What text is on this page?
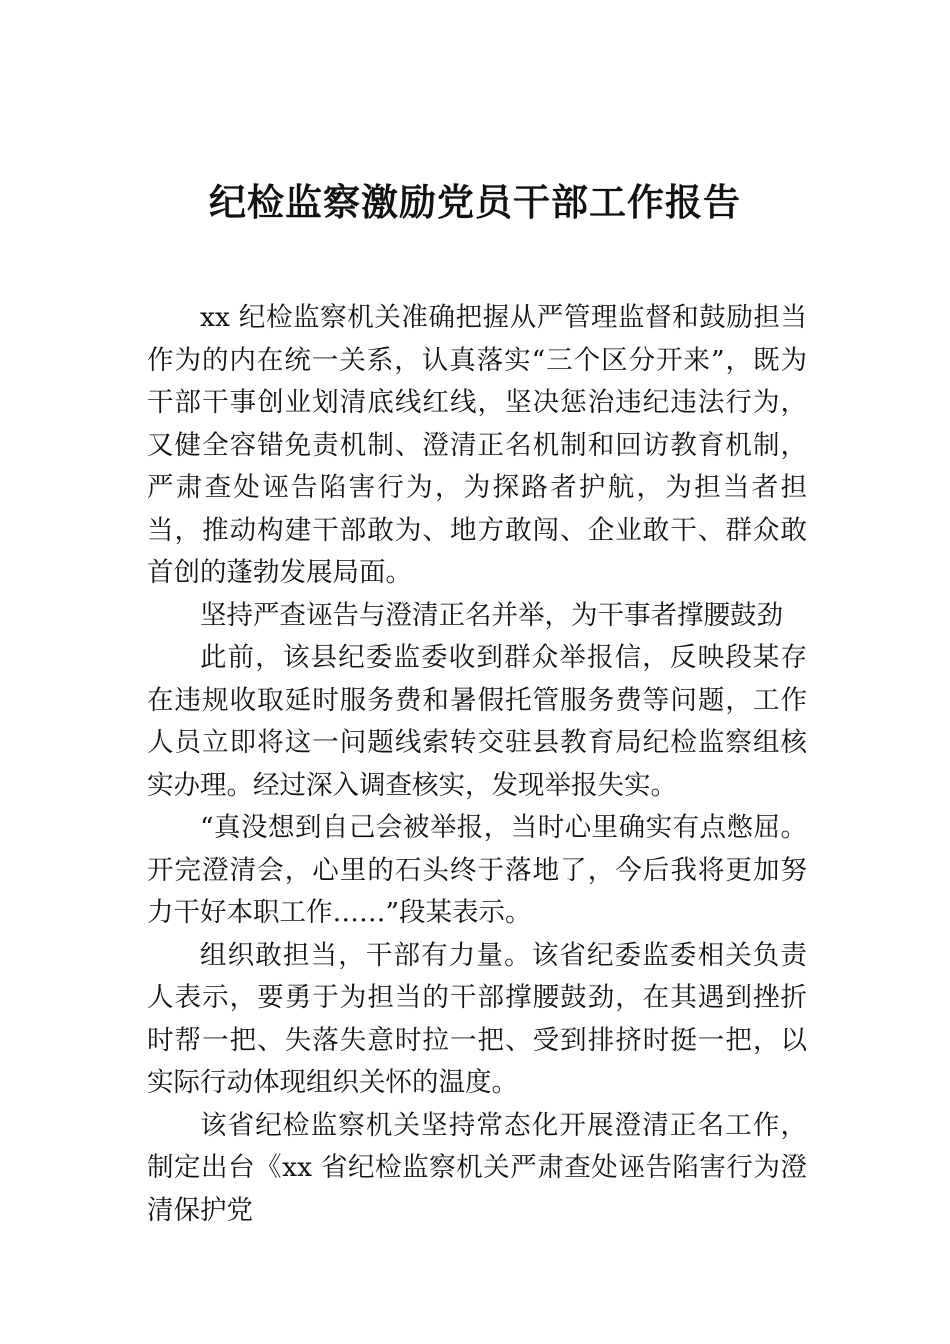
纪检监察激励党员干部工作报告

xx 纪检监察机关准确把握从严管理监督和鼓励担当作为的内在统一关系，认真落实“三个区分开来”，既为干部干事创业划清底线红线，坚决惩治违纪违法行为，又健全容错免责机制、澄清正名机制和回访教育机制，严肃查处诬告陷害行为，为探路者护航，为担当者担当，推动构建干部敢为、地方敢闯、企业敢干、群众敢首创的蓬勃发展局面。

坚持严查诬告与澄清正名并举，为干事者撑腰鼓劲

此前，该县纪委监委收到群众举报信，反映段某存在违规收取延时服务费和暑假托管服务费等问题，工作人员立即将这一问题线索转交驻县教育局纪检监察组核实办理。经过深入调查核实，发现举报失实。

“真没想到自己会被举报，当时心里确实有点憋屈。开完澄清会，心里的石头终于落地了，今后我将更加努力干好本职工作……”段某表示。

组织敢担当，干部有力量。该省纪委监委相关负责人表示，要勇于为担当的干部撑腰鼓劲，在其遇到挫折时帮一把、失落失意时拉一把、受到排挤时挺一把，以实际行动体现组织关怀的温度。

该省纪检监察机关坚持常态化开展澄清正名工作，制定出台《xx 省纪检监察机关严肃查处诬告陷害行为澄清保护党
